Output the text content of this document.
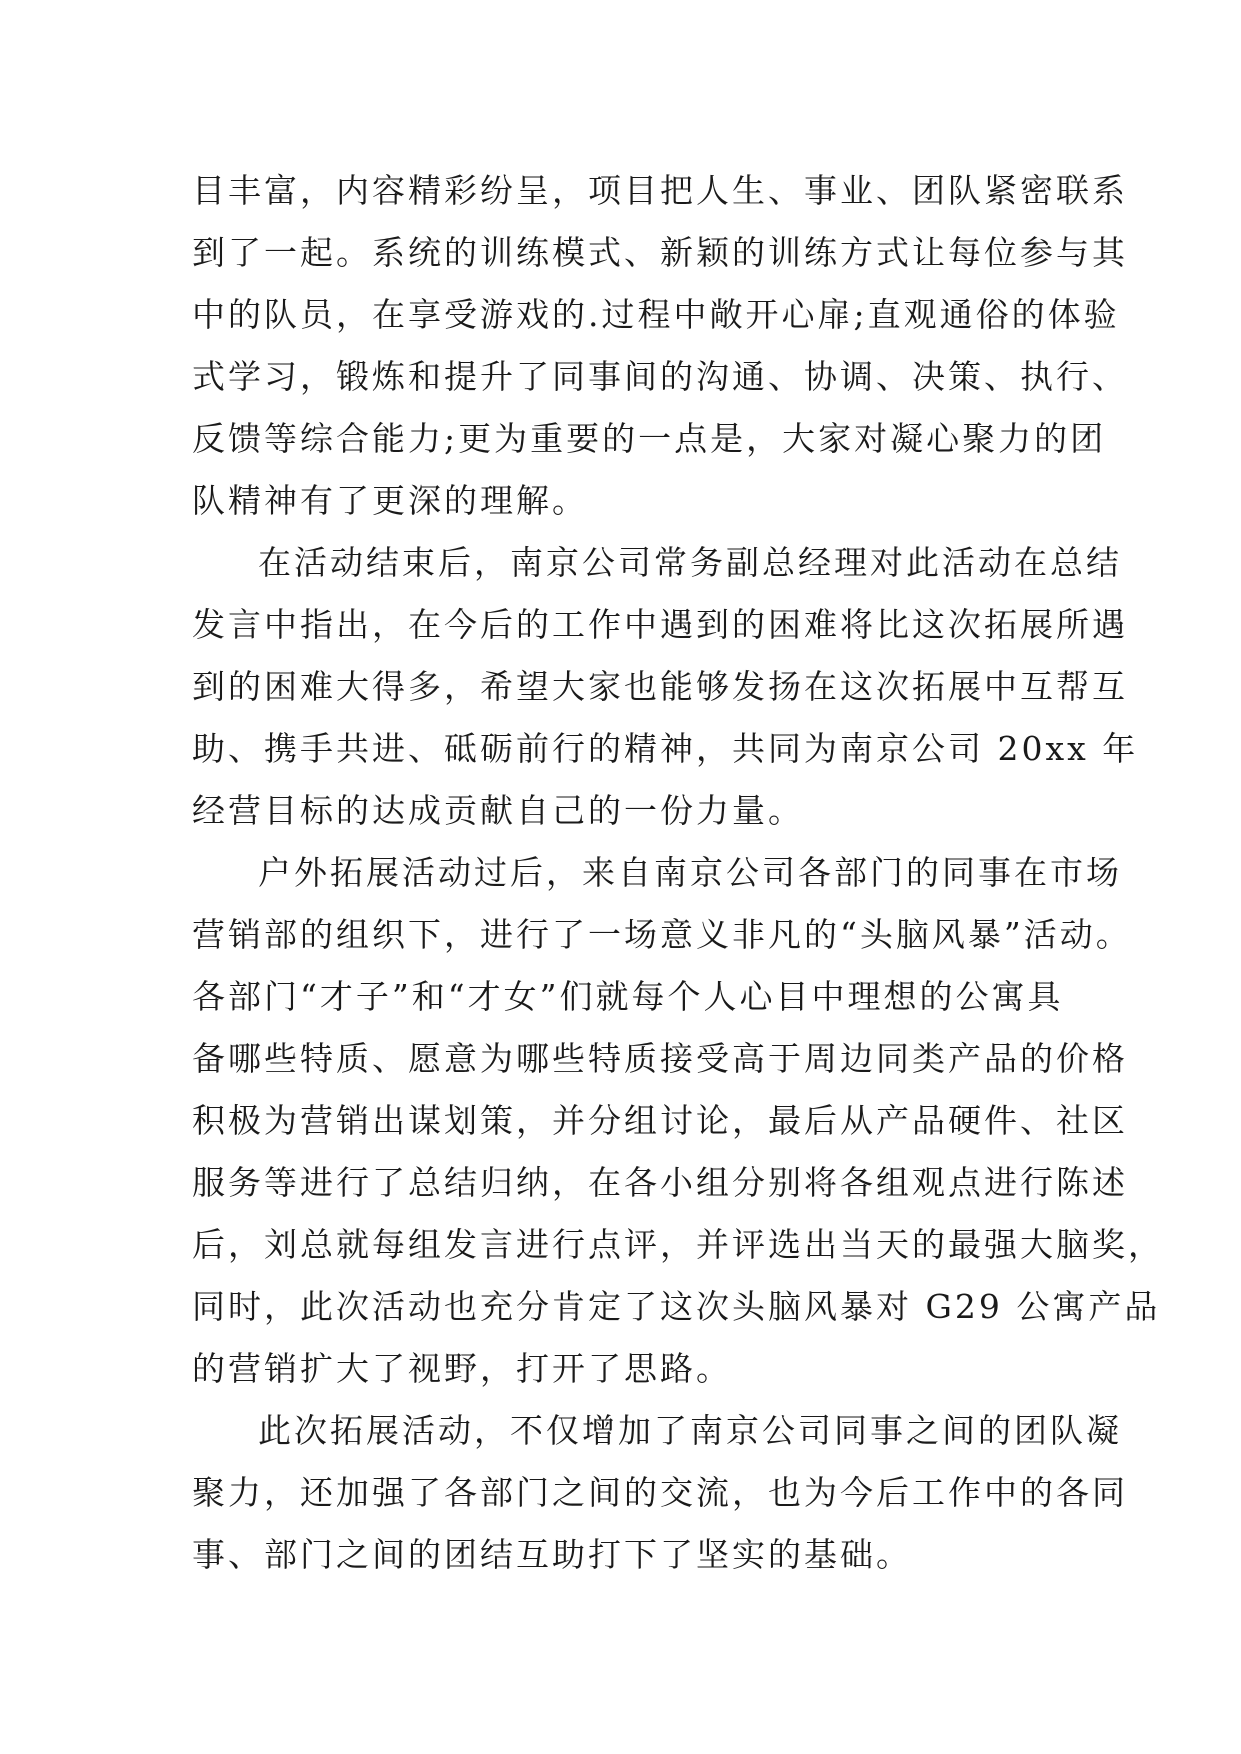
目丰富，内容精彩纷呈，项目把人生、事业、团队紧密联系
到了一起。系统的训练模式、新颖的训练方式让每位参与其
中的队员，在享受游戏的.过程中敞开心扉;直观通俗的体验
式学习，锻炼和提升了同事间的沟通、协调、决策、执行、
反馈等综合能力;更为重要的一点是，大家对凝心聚力的团
队精神有了更深的理解。
在活动结束后，南京公司常务副总经理对此活动在总结
发言中指出，在今后的工作中遇到的困难将比这次拓展所遇
到的困难大得多，希望大家也能够发扬在这次拓展中互帮互
助、携手共进、砥砺前行的精神，共同为南京公司 20xx 年
经营目标的达成贡献自己的一份力量。
户外拓展活动过后，来自南京公司各部门的同事在市场
营销部的组织下，进行了一场意义非凡的“头脑风暴”活动。
各部门“才子”和“才女”们就每个人心目中理想的公寓具
备哪些特质、愿意为哪些特质接受高于周边同类产品的价格
积极为营销出谋划策，并分组讨论，最后从产品硬件、社区
服务等进行了总结归纳，在各小组分别将各组观点进行陈述
后，刘总就每组发言进行点评，并评选出当天的最强大脑奖，
同时，此次活动也充分肯定了这次头脑风暴对 G29 公寓产品
的营销扩大了视野，打开了思路。
此次拓展活动，不仅增加了南京公司同事之间的团队凝
聚力，还加强了各部门之间的交流，也为今后工作中的各同
事、部门之间的团结互助打下了坚实的基础。
